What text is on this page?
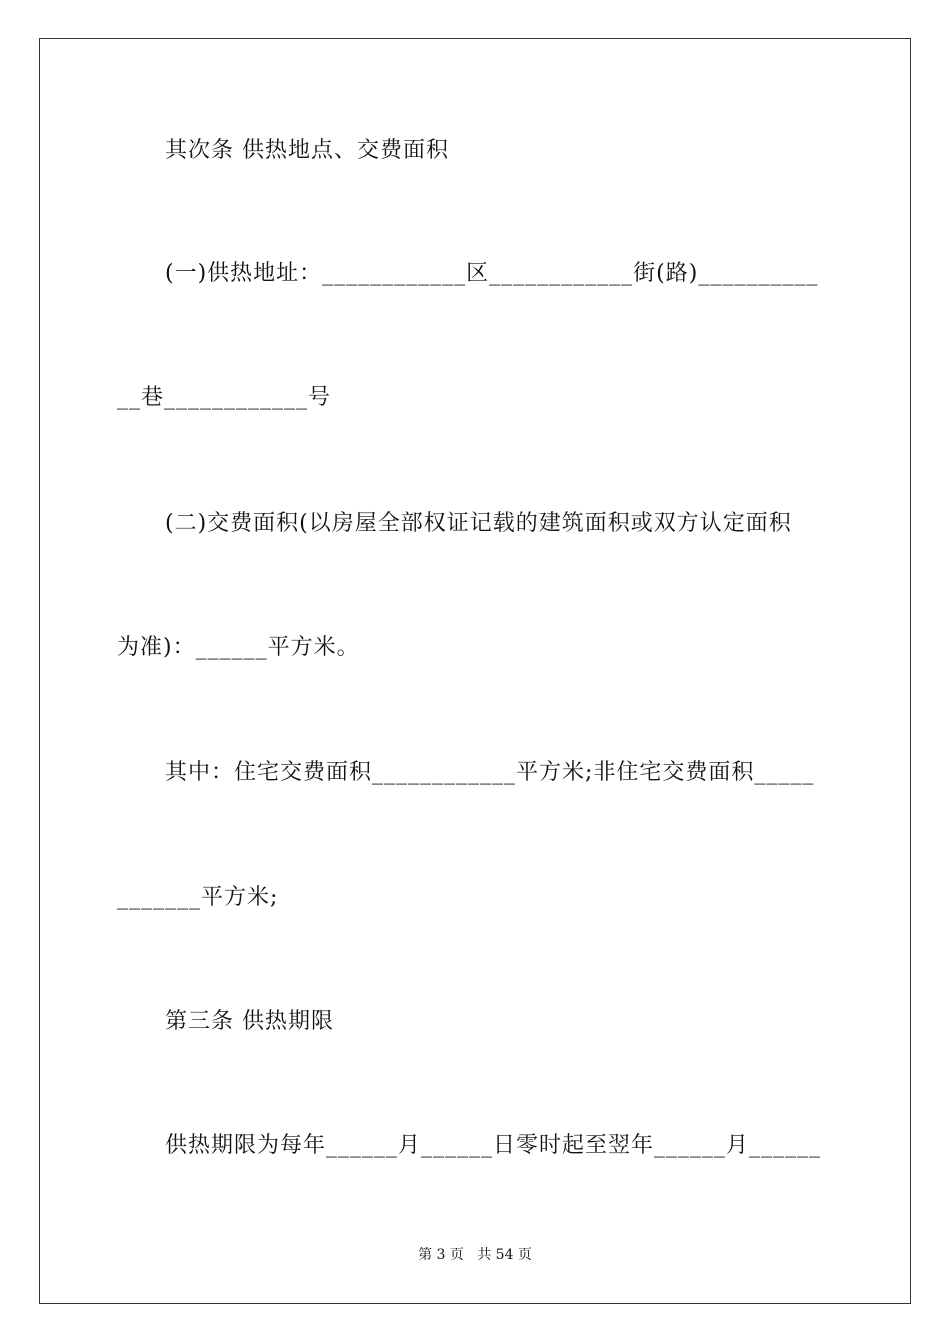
其次条 供热地点、交费面积
(一)供热地址：____________区____________街(路)__________
__巷____________号
(二)交费面积(以房屋全部权证记载的建筑面积或双方认定面积
为准)：______平方米。
其中：住宅交费面积____________平方米;非住宅交费面积_____
_______平方米;
第三条 供热期限
供热期限为每年______月______日零时起至翌年______月______
第 3 页   共 54 页
